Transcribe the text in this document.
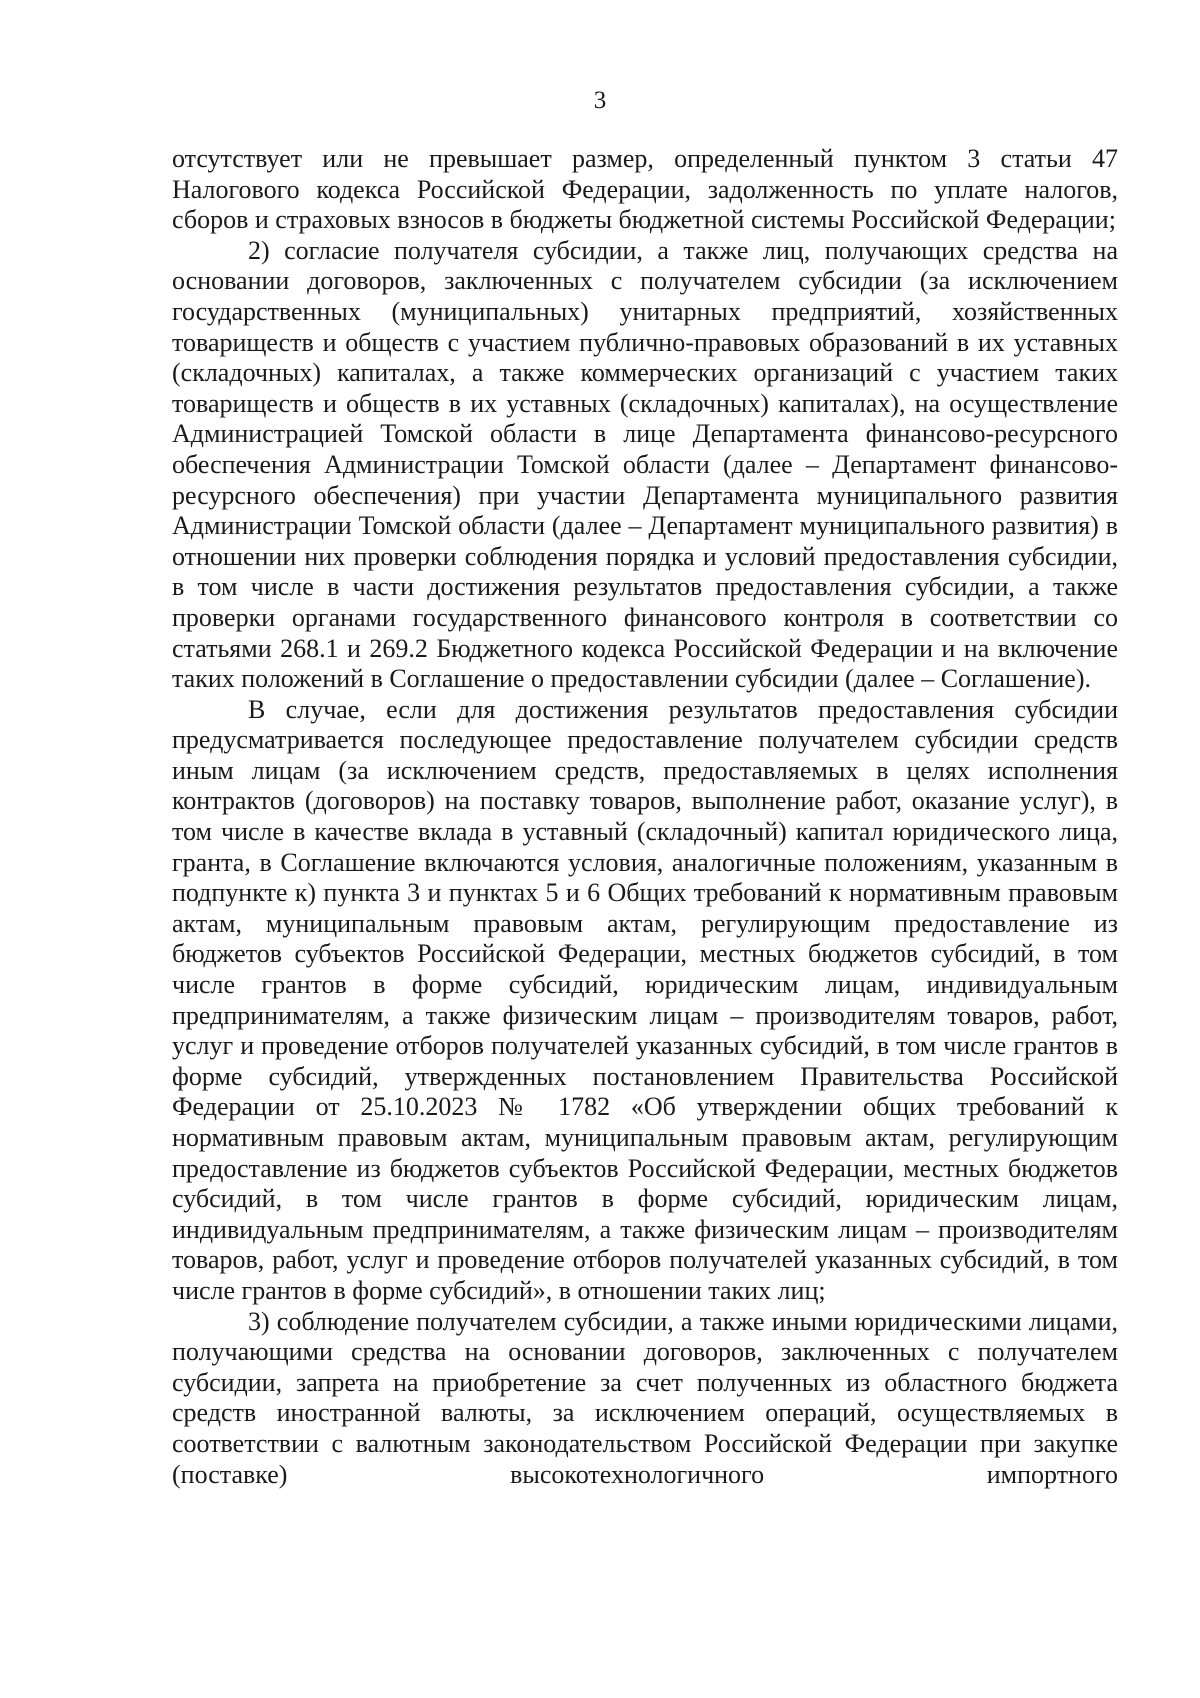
3

отсутствует или не превышает размер, определенный пунктом 3 статьи 47 Налогового кодекса Российской Федерации, задолженность по уплате налогов, сборов и страховых взносов в бюджеты бюджетной системы Российской Федерации;

2) согласие получателя субсидии, а также лиц, получающих средства на основании договоров, заключенных с получателем субсидии (за исключением государственных (муниципальных) унитарных предприятий, хозяйственных товариществ и обществ с участием публично-правовых образований в их уставных (складочных) капиталах, а также коммерческих организаций с участием таких товариществ и обществ в их уставных (складочных) капиталах), на осуществление Администрацией Томской области в лице Департамента финансово-ресурсного обеспечения Администрации Томской области (далее – Департамент финансово-ресурсного обеспечения) при участии Департамента муниципального развития Администрации Томской области (далее – Департамент муниципального развития) в отношении них проверки соблюдения порядка и условий предоставления субсидии, в том числе в части достижения результатов предоставления субсидии, а также проверки органами государственного финансового контроля в соответствии со статьями 268.1 и 269.2 Бюджетного кодекса Российской Федерации и на включение таких положений в Соглашение о предоставлении субсидии (далее – Соглашение).

В случае, если для достижения результатов предоставления субсидии предусматривается последующее предоставление получателем субсидии средств иным лицам (за исключением средств, предоставляемых в целях исполнения контрактов (договоров) на поставку товаров, выполнение работ, оказание услуг), в том числе в качестве вклада в уставный (складочный) капитал юридического лица, гранта, в Соглашение включаются условия, аналогичные положениям, указанным в подпункте к) пункта 3 и пунктах 5 и 6 Общих требований к нормативным правовым актам, муниципальным правовым актам, регулирующим предоставление из бюджетов субъектов Российской Федерации, местных бюджетов субсидий, в том числе грантов в форме субсидий, юридическим лицам, индивидуальным предпринимателям, а также физическим лицам – производителям товаров, работ, услуг и проведение отборов получателей указанных субсидий, в том числе грантов в форме субсидий, утвержденных постановлением Правительства Российской Федерации от 25.10.2023 № 1782 «Об утверждении общих требований к нормативным правовым актам, муниципальным правовым актам, регулирующим предоставление из бюджетов субъектов Российской Федерации, местных бюджетов субсидий, в том числе грантов в форме субсидий, юридическим лицам, индивидуальным предпринимателям, а также физическим лицам – производителям товаров, работ, услуг и проведение отборов получателей указанных субсидий, в том числе грантов в форме субсидий», в отношении таких лиц;

3) соблюдение получателем субсидии, а также иными юридическими лицами, получающими средства на основании договоров, заключенных с получателем субсидии, запрета на приобретение за счет полученных из областного бюджета средств иностранной валюты, за исключением операций, осуществляемых в соответствии с валютным законодательством Российской Федерации при закупке (поставке) высокотехнологичного импортного
